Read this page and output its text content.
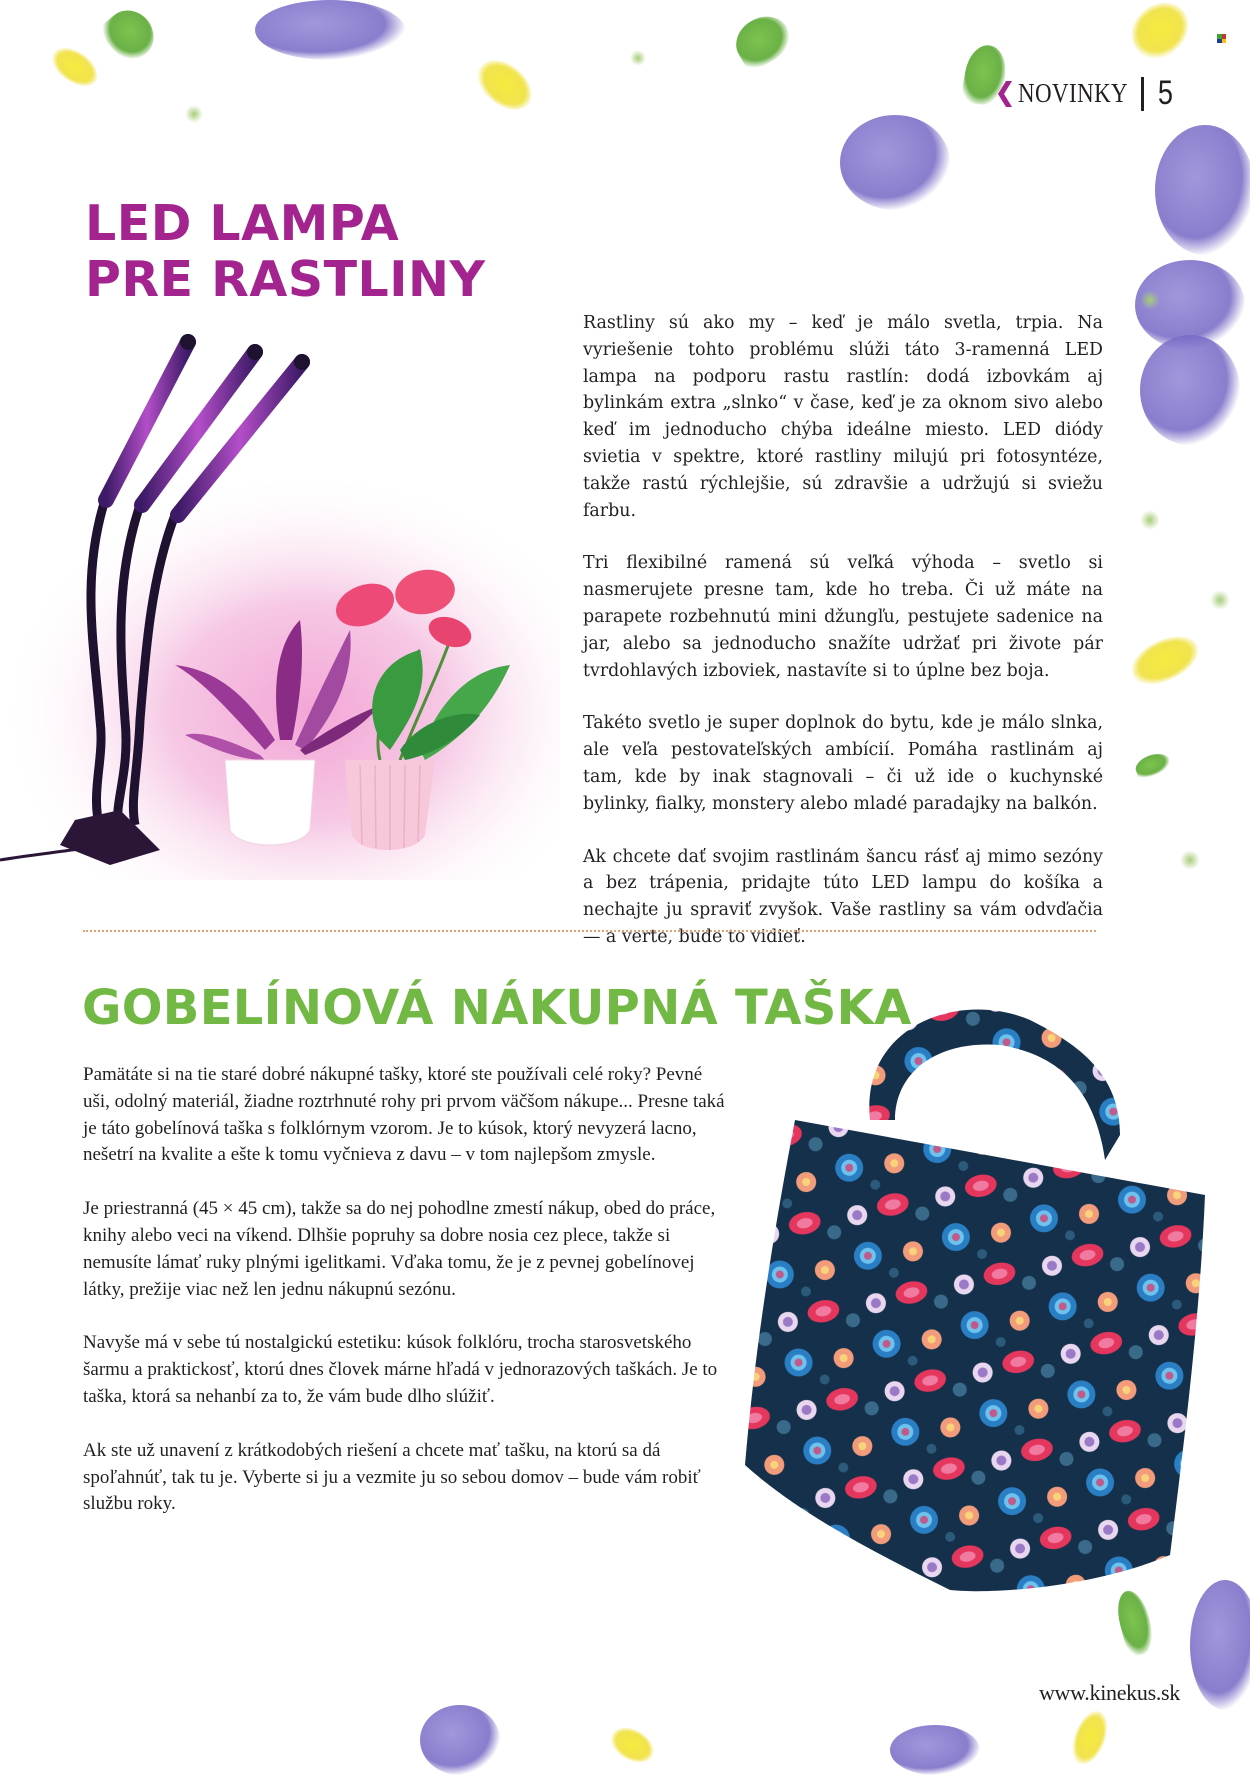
NOVINKY 5
LED LAMPA
PRE RASTLINY

Rastliny sú ako my – keď je málo svetla, trpia. Na vyriešenie tohto problému slúži táto 3-ramenná LED lampa na podporu rastu rastlín: dodá izbovkám aj bylinkám extra „slnko“ v čase, keď je za oknom sivo alebo keď im jednoducho chýba ideálne miesto. LED diódy svietia v spektre, ktoré rastliny milujú pri fotosyntéze, takže rastú rýchlejšie, sú zdravšie a udržujú si sviežu farbu.

Tri flexibilné ramená sú veľká výhoda – svetlo si nasmerujete presne tam, kde ho treba. Či už máte na parapete rozbehnutú mini džungľu, pestujete sadenice na jar, alebo sa jednoducho snažíte udržať pri živote pár tvrdohlavých izboviek, nastavíte si to úplne bez boja.

Takéto svetlo je super doplnok do bytu, kde je málo slnka, ale veľa pestovateľských ambícií. Pomáha rastlinám aj tam, kde by inak stagnovali – či už ide o kuchynské bylinky, fialky, monstery alebo mladé paradajky na balkón.

Ak chcete dať svojim rastlinám šancu rásť aj mimo sezóny a bez trápenia, pridajte túto LED lampu do košíka a nechajte ju spraviť zvyšok. Vaše rastliny sa vám odvďačia — a verte, bude to vidieť.

GOBELÍNOVÁ NÁKUPNÁ TAŠKA

Pamätáte si na tie staré dobré nákupné tašky, ktoré ste používali celé roky? Pevné uši, odolný materiál, žiadne roztrhnuté rohy pri prvom väčšom nákupe... Presne taká je táto gobelínová taška s folklórnym vzorom. Je to kúsok, ktorý nevyzerá lacno, nešetrí na kvalite a ešte k tomu vyčnieva z davu – v tom najlepšom zmysle.

Je priestranná (45 × 45 cm), takže sa do nej pohodlne zmestí nákup, obed do práce, knihy alebo veci na víkend. Dlhšie popruhy sa dobre nosia cez plece, takže si nemusíte lámať ruky plnými igelitkami. Vďaka tomu, že je z pevnej gobelínovej látky, prežije viac než len jednu nákupnú sezónu.

Navyše má v sebe tú nostalgickú estetiku: kúsok folklóru, trocha starosvetského šarmu a praktickosť, ktorú dnes človek márne hľadá v jednorazových taškách. Je to taška, ktorá sa nehanbí za to, že vám bude dlho slúžiť.

Ak ste už unavení z krátkodobých riešení a chcete mať tašku, na ktorú sa dá spoľahnúť, tak tu je. Vyberte si ju a vezmite ju so sebou domov – bude vám robiť službu roky.

www.kinekus.sk
